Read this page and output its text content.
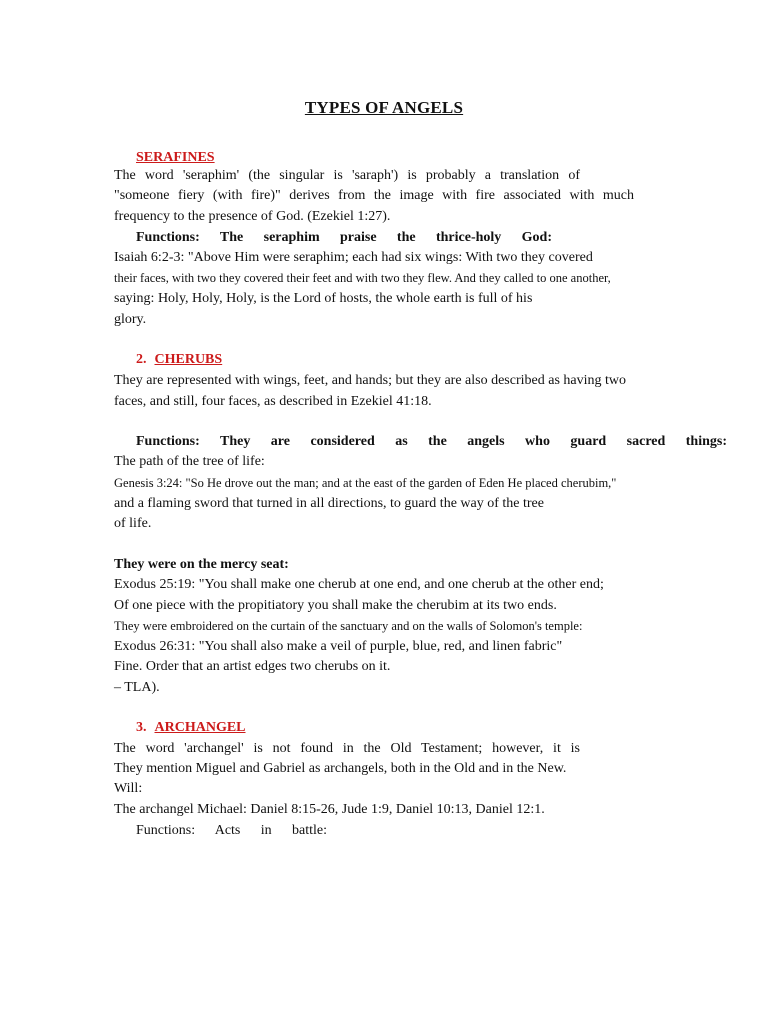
TYPES OF ANGELS
SERAFINES
The word 'seraphim' (the singular is 'saraph') is probably a translation of
"someone fiery (with fire)" derives from the image with fire associated with much
frequency to the presence of God. (Ezekiel 1:27).
Functions: The seraphim praise the thrice-holy God:
Isaiah 6:2-3: "Above Him were seraphim; each had six wings: With two they covered
their faces, with two they covered their feet and with two they flew. And they called to one another,
saying: Holy, Holy, Holy, is the Lord of hosts, the whole earth is full of his
glory.
2. CHERUBS
They are represented with wings, feet, and hands; but they are also described as having two
faces, and still, four faces, as described in Ezekiel 41:18.
Functions: They are considered as the angels who guard sacred things:
The path of the tree of life:
Genesis 3:24: "So He drove out the man; and at the east of the garden of Eden He placed cherubim,"
and a flaming sword that turned in all directions, to guard the way of the tree
of life.
They were on the mercy seat:
Exodus 25:19: "You shall make one cherub at one end, and one cherub at the other end;
Of one piece with the propitiatory you shall make the cherubim at its two ends.
They were embroidered on the curtain of the sanctuary and on the walls of Solomon's temple:
Exodus 26:31: "You shall also make a veil of purple, blue, red, and linen fabric"
Fine. Order that an artist edges two cherubs on it.
– TLA).
3. ARCHANGEL
The word 'archangel' is not found in the Old Testament; however, it is
They mention Miguel and Gabriel as archangels, both in the Old and in the New.
Will:
The archangel Michael: Daniel 8:15-26, Jude 1:9, Daniel 10:13, Daniel 12:1.
Functions: Acts in battle:
